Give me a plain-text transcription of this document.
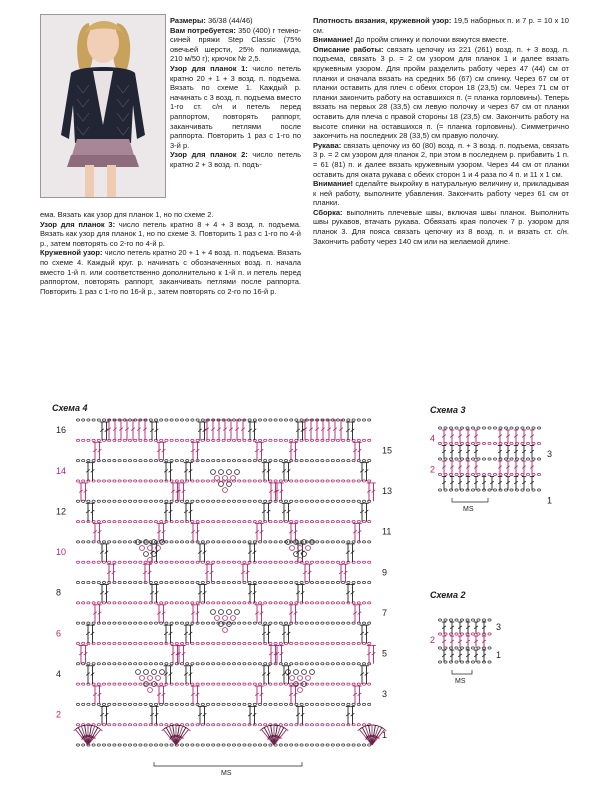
Размеры: 36/38 (44/46)

Вам потребуется: 350 (400) г темно-синей пряжи Step Classic (75% овечьей шерсти, 25% полиамида, 210 м/50 г); крючок № 2,5.

Узор для планок 1: число петель кратно 20 + 1 + 3 возд. п. подъема. Вязать по схеме 1. Каждый р. начинать с 3 возд. п. подъема вместо 1-го ст. с/н и петель перед раппортом, повторять раппорт, заканчивать петлями после раппорта. Повторить 1 раз с 1-го по 3-й р.

Узор для планок 2: число петель кратно 2 + 3 возд. п. подъ-

ема. Вязать как узор для планок 1, но по схеме 2.

Узор для планок 3: число петель кратно 8 + 4 + 3 возд. п. подъема. Вязать как узор для планок 1, но по схеме 3. Повторить 1 раз с 1-го по 4-й р., затем повторять со 2-го по 4-й р.

Кружевной узор: число петель кратно 20 + 1 + 4 возд. п. подъема. Вязать по схеме 4. Каждый круг. р. начинать с обозначенных возд. п. начала вместо 1-й п. или соответственно дополнительно к 1-й п. и петель перед раппортом, повторять раппорт, заканчивать петлями после раппорта. Повторить 1 раз с 1-го по 16-й р., затем повторять со 2-го по 16-й р.

Плотность вязания, кружевной узор: 19,5 наборных п. и 7 р. = 10 x 10 см.

Внимание! До пройм спинку и полочки вяжутся вместе.

Описание работы: связать цепочку из 221 (261) возд. п. + 3 возд. п. подъема, связать 3 р. = 2 см узором для планок 1 и далее вязать кружевным узором. Для пройм разделить работу через 47 (44) см от планки и сначала вязать на средних 56 (67) см спинку. Через 67 см от планки оставить для плеч с обеих сторон 18 (23,5) см. Через 71 см от планки закончить работу на оставшихся п. (= планка горловины). Теперь вязать на первых 28 (33,5) см левую полочку и через 67 см от планки оставить для плеча с правой стороны 18 (23,5) см. Закончить работу на высоте спинки на оставшихся п. (= планка горловины). Симметрично закончить на последних 28 (33,5) см правую полочку.

Рукава: связать цепочку из 60 (80) возд. п. + 3 возд. п. подъема, связать 3 р. = 2 см узором для планок 2, при этом в последнем р. прибавить 1 п. = 61 (81) п. и далее вязать кружевным узором. Через 44 см от планки оставить для оката рукава с обеих сторон 1 и 4 раза по 4 п. и 11 x 1 см.

Внимание! сделайте выкройку в натуральную величину и, прикладывая к ней работу, выполните убавления. Закончить работу через 61 см от планки.

Сборка: выполнить плечевые швы, включая швы планок. Выполнить швы рукавов, втачать рукава. Обвязать края полочек 7 р. узором для планок 3. Для пояса связать цепочку из 8 возд. п. и вязать ст. с/н. Закончить работу через 140 см или на желаемой длине.

Схема 4	Схема 3
Схема 2
16
14
12
10
8
6
4
2
15
13
11
9
7
5
3
1
MS
4
2
3
1
MS
2
3
1
MS
